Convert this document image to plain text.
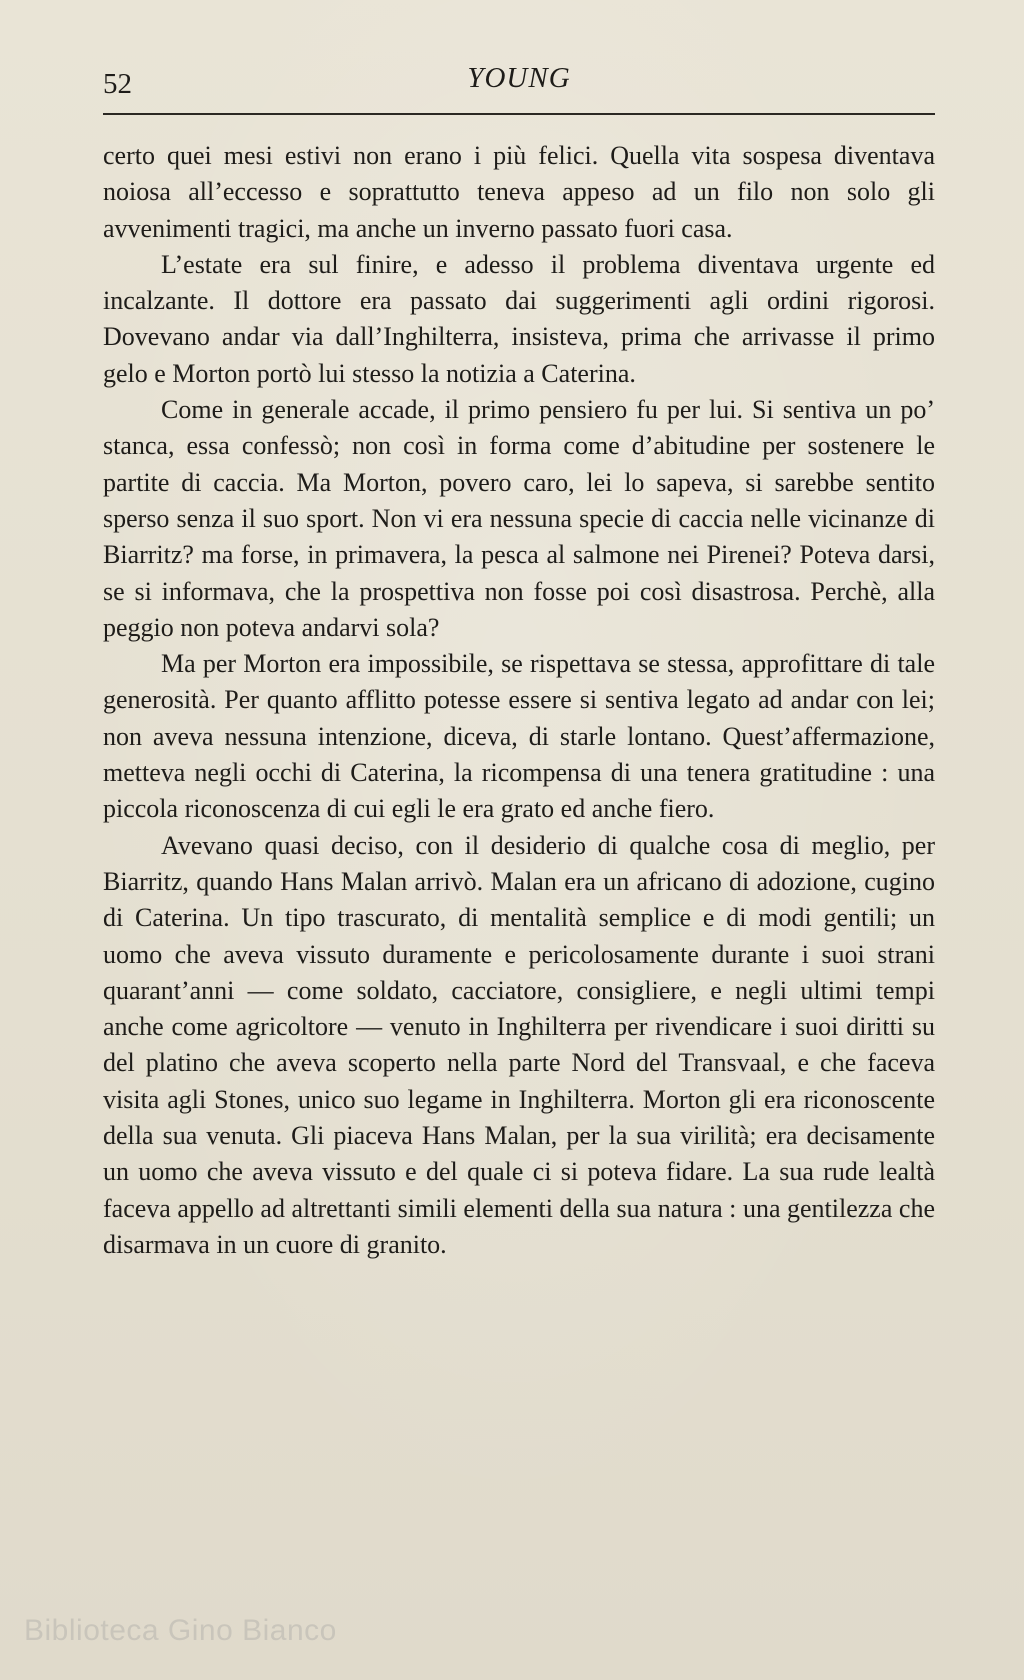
52	YOUNG

certo quei mesi estivi non erano i più felici. Quella vita sospesa diventava noiosa all’eccesso e soprattutto teneva appeso ad un filo non solo gli avvenimenti tragici, ma anche un inverno passato fuori casa.

L’estate era sul finire, e adesso il problema diventava urgente ed incalzante. Il dottore era passato dai suggerimenti agli ordini rigorosi. Dovevano andar via dall’Inghilterra, insisteva, prima che arrivasse il primo gelo e Morton portò lui stesso la notizia a Caterina.

Come in generale accade, il primo pensiero fu per lui. Si sentiva un po’ stanca, essa confessò; non così in forma come d’abitudine per sostenere le partite di caccia. Ma Morton, povero caro, lei lo sapeva, si sarebbe sentito sperso senza il suo sport. Non vi era nessuna specie di caccia nelle vicinanze di Biarritz? ma forse, in primavera, la pesca al salmone nei Pirenei? Poteva darsi, se si informava, che la prospettiva non fosse poi così disastrosa. Perchè, alla peggio non poteva andarvi sola?

Ma per Morton era impossibile, se rispettava se stessa, approfittare di tale generosità. Per quanto afflitto potesse essere si sentiva legato ad andar con lei; non aveva nessuna intenzione, diceva, di starle lontano. Quest’affermazione, metteva negli occhi di Caterina, la ricompensa di una tenera gratitudine : una piccola riconoscenza di cui egli le era grato ed anche fiero.

Avevano quasi deciso, con il desiderio di qualche cosa di meglio, per Biarritz, quando Hans Malan arrivò. Malan era un africano di adozione, cugino di Caterina. Un tipo trascurato, di mentalità semplice e di modi gentili; un uomo che aveva vissuto duramente e pericolosamente durante i suoi strani quarant’anni — come soldato, cacciatore, consigliere, e negli ultimi tempi anche come agricoltore — venuto in Inghilterra per rivendicare i suoi diritti su del platino che aveva scoperto nella parte Nord del Transvaal, e che faceva visita agli Stones, unico suo legame in Inghilterra. Morton gli era riconoscente della sua venuta. Gli piaceva Hans Malan, per la sua virilità; era decisamente un uomo che aveva vissuto e del quale ci si poteva fidare. La sua rude lealtà faceva appello ad altrettanti simili elementi della sua natura : una gentilezza che disarmava in un cuore di granito.

Biblioteca Gino Bianco
